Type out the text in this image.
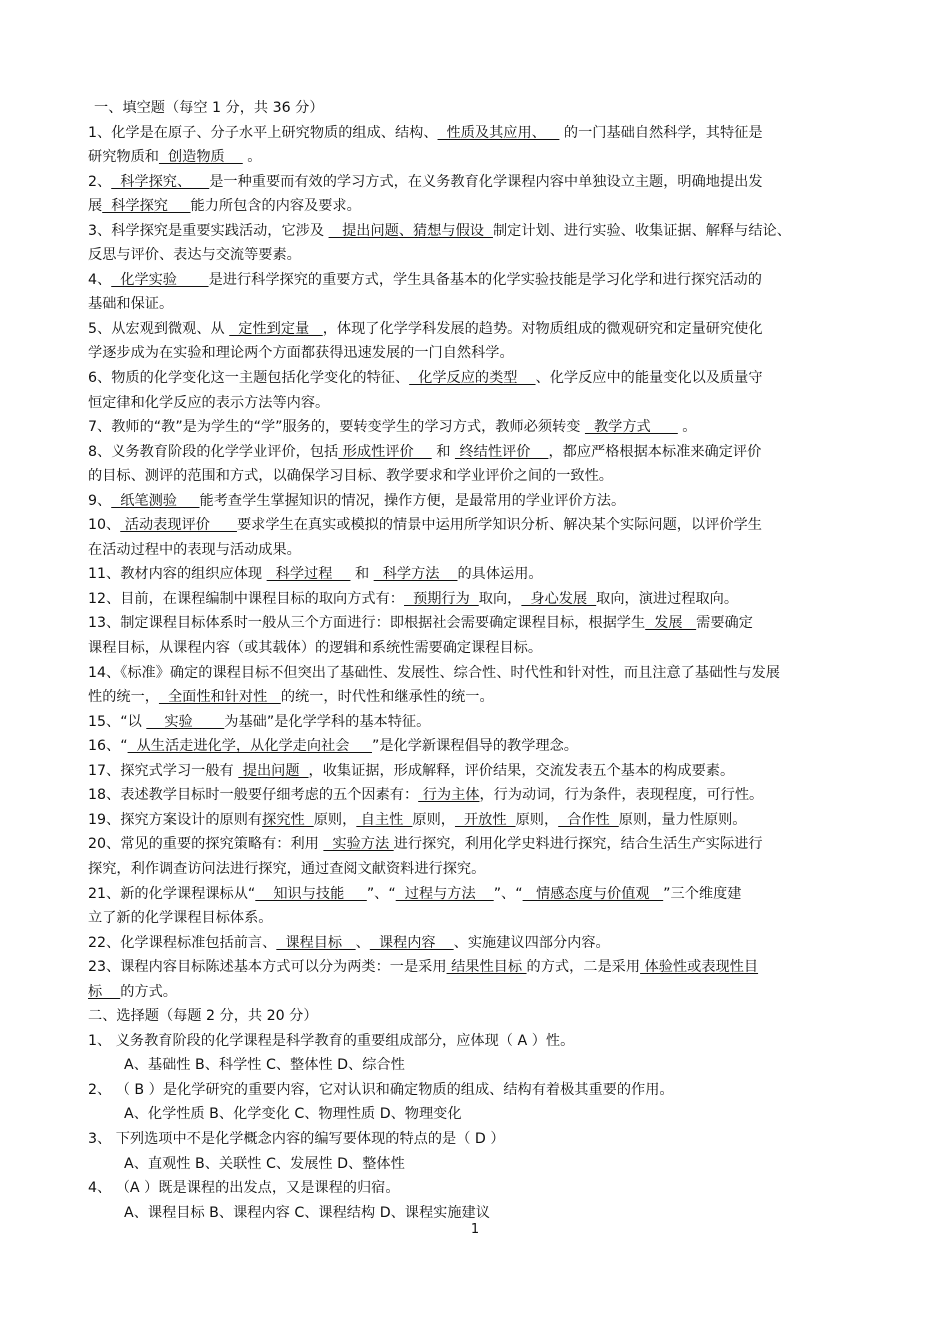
一、填空题（每空 1 分，共 36 分）
1、化学是在原子、分子水平上研究物质的组成、结构、  性质及其应用、    的一门基础自然科学，其特征是
研究物质和  创造物质     。
2、  科学探究、    是一种重要而有效的学习方式，在义务教育化学课程内容中单独设立主题，明确地提出发
展  科学探究     能力所包含的内容及要求。
3、科学探究是重要实践活动，它涉及    提出问题、猜想与假设  制定计划、进行实验、收集证据、解释与结论、
反思与评价、表达与交流等要素。
4、  化学实验       是进行科学探究的重要方式，学生具备基本的化学实验技能是学习化学和进行探究活动的
基础和保证。
5、从宏观到微观、从   定性到定量   ，体现了化学学科发展的趋势。对物质组成的微观研究和定量研究使化
学逐步成为在实验和理论两个方面都获得迅速发展的一门自然科学。
6、物质的化学变化这一主题包括化学变化的特征、  化学反应的类型    、化学反应中的能量变化以及质量守
恒定律和化学反应的表示方法等内容。
7、教师的“教”是为学生的“学”服务的，要转变学生的学习方式，教师必须转变   教学方式       。
8、义务教育阶段的化学学业评价，包括 形成性评价     和  终结性评价    ，都应严格根据本标准来确定评价
的目标、测评的范围和方式，以确保学习目标、教学要求和学业评价之间的一致性。
9、  纸笔测验     能考查学生掌握知识的情况，操作方便，是最常用的学业评价方法。
10、 活动表现评价      要求学生在真实或模拟的情景中运用所学知识分析、解决某个实际问题，以评价学生
在活动过程中的表现与活动成果。
11、教材内容的组织应体现   科学过程     和   科学方法    的具体运用。
12、目前，在课程编制中课程目标的取向方式有：  预期行为  取向，  身心发展  取向，演进过程取向。
13、制定课程目标体系时一般从三个方面进行：即根据社会需要确定课程目标，根据学生  发展   需要确定
课程目标，从课程内容（或其载体）的逻辑和系统性需要确定课程目标。
14、《标准》确定的课程目标不但突出了基础性、发展性、综合性、时代性和针对性，而且注意了基础性与发展
性的统一，  全面性和针对性   的统一，时代性和继承性的统一。
15、“以     实验       为基础”是化学学科的基本特征。
16、“  从生活走进化学，从化学走向社会     ”是化学新课程倡导的教学理念。
17、探究式学习一般有  提出问题  ，收集证据，形成解释，评价结果，交流发表五个基本的构成要素。
18、表述教学目标时一般要仔细考虑的五个因素有： 行为主体，行为动词，行为条件，表现程度，可行性。
19、探究方案设计的原则有探究性  原则， 自主性  原则，  开放性  原则，  合作性  原则，量力性原则。
20、常见的重要的探究策略有：利用   实验方法 进行探究，利用化学史料进行探究，结合生活生产实际进行
探究，利作调查访问法进行探究，通过查阅文献资料进行探究。
21、新的化学课程课标从“    知识与技能     ”、“  过程与方法    ”、“   情感态度与价值观   ”三个维度建
立了新的化学课程目标体系。
22、化学课程标准包括前言、  课程目标   、  课程内容    、实施建议四部分内容。
23、课程内容目标陈述基本方式可以分为两类：一是采用 结果性目标 的方式，二是采用 体验性或表现性目
标    的方式。
二、选择题（每题 2 分，共 20 分）
1、 义务教育阶段的化学课程是科学教育的重要组成部分，应体现（ A ）性。
A、基础性 B、科学性 C、整体性 D、综合性
2、 （ B ）是化学研究的重要内容，它对认识和确定物质的组成、结构有着极其重要的作用。
A、化学性质 B、化学变化 C、物理性质 D、物理变化
3、 下列选项中不是化学概念内容的编写要体现的特点的是（ D ）
A、直观性 B、关联性 C、发展性 D、整体性
4、 （A ）既是课程的出发点，又是课程的归宿。
A、课程目标 B、课程内容 C、课程结构 D、课程实施建议
1
